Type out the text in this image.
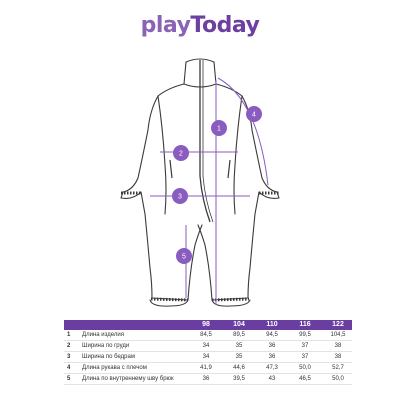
playToday
1
2
3
4
5
98	104	110	116	122
1 Длина изделия	84,5	89,5	94,5	99,5	104,5
2 Ширина по груди	34	35	36	37	38
3 Ширина по бедрам	34	35	36	37	38
4 Длина рукава с плечом	41,9	44,6	47,3	50,0	52,7
5 Длина по внутреннему шву брюк	36	39,5	43	46,5	50,0
